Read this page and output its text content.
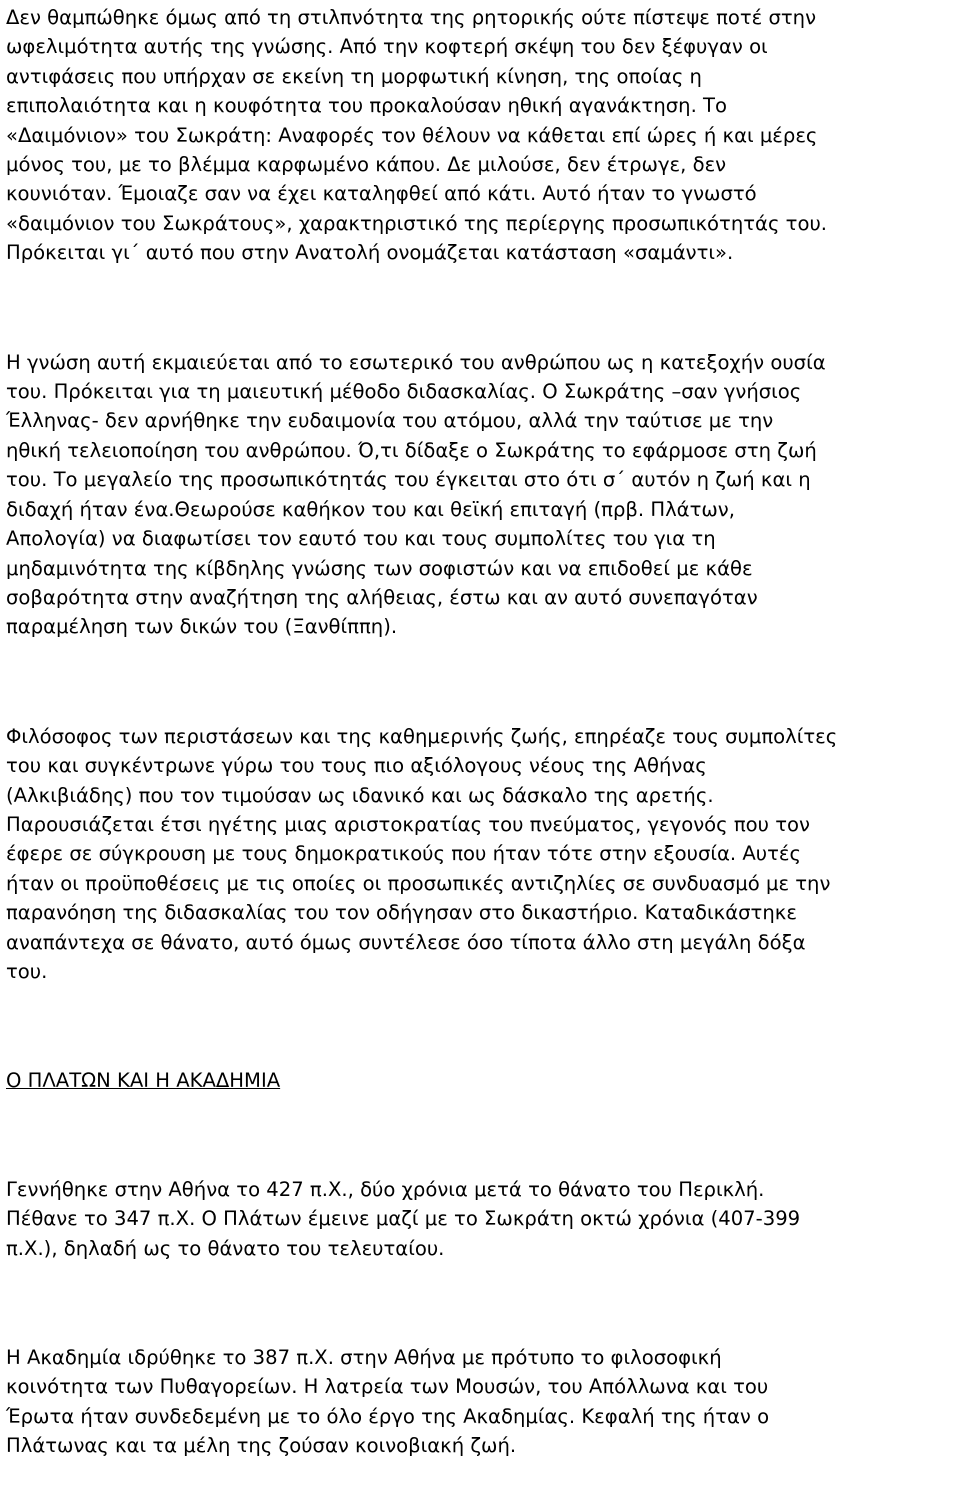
Δεν θαμπώθηκε όμως από τη στιλπνότητα της ρητορικής ούτε πίστεψε ποτέ στην
ωφελιμότητα αυτής της γνώσης. Από την κοφτερή σκέψη του δεν ξέφυγαν οι
αντιφάσεις που υπήρχαν σε εκείνη τη μορφωτική κίνηση, της οποίας η
επιπολαιότητα και η κουφότητα του προκαλούσαν ηθική αγανάκτηση. Το
«Δαιμόνιον» του Σωκράτη: Αναφορές τον θέλουν να κάθεται επί ώρες ή και μέρες
μόνος του, με το βλέμμα καρφωμένο κάπου. Δε μιλούσε, δεν έτρωγε, δεν
κουνιόταν. Έμοιαζε σαν να έχει καταληφθεί από κάτι. Αυτό ήταν το γνωστό
«δαιμόνιον του Σωκράτους», χαρακτηριστικό της περίεργης προσωπικότητάς του.
Πρόκειται γι΄ αυτό που στην Ανατολή ονομάζεται κατάσταση «σαμάντι».

Η γνώση αυτή εκμαιεύεται από το εσωτερικό του ανθρώπου ως η κατεξοχήν ουσία
του. Πρόκειται για τη μαιευτική μέθοδο διδασκαλίας. Ο Σωκράτης –σαν γνήσιος
Έλληνας- δεν αρνήθηκε την ευδαιμονία του ατόμου, αλλά την ταύτισε με την
ηθική τελειοποίηση του ανθρώπου. Ό,τι δίδαξε ο Σωκράτης το εφάρμοσε στη ζωή
του. Το μεγαλείο της προσωπικότητάς του έγκειται στο ότι σ΄ αυτόν η ζωή και η
διδαχή ήταν ένα.Θεωρούσε καθήκον του και θεϊκή επιταγή (πρβ. Πλάτων,
Απολογία) να διαφωτίσει τον εαυτό του και τους συμπολίτες του για τη
μηδαμινότητα της κίβδηλης γνώσης των σοφιστών και να επιδοθεί με κάθε
σοβαρότητα στην αναζήτηση της αλήθειας, έστω και αν αυτό συνεπαγόταν
παραμέληση των δικών του (Ξανθίππη).

Φιλόσοφος των περιστάσεων και της καθημερινής ζωής, επηρέαζε τους συμπολίτες
του και συγκέντρωνε γύρω του τους πιο αξιόλογους νέους της Αθήνας
(Αλκιβιάδης) που τον τιμούσαν ως ιδανικό και ως δάσκαλο της αρετής.
Παρουσιάζεται έτσι ηγέτης μιας αριστοκρατίας του πνεύματος, γεγονός που τον
έφερε σε σύγκρουση με τους δημοκρατικούς που ήταν τότε στην εξουσία. Αυτές
ήταν οι προϋποθέσεις με τις οποίες οι προσωπικές αντιζηλίες σε συνδυασμό με την
παρανόηση της διδασκαλίας του τον οδήγησαν στο δικαστήριο. Καταδικάστηκε
αναπάντεχα σε θάνατο, αυτό όμως συντέλεσε όσο τίποτα άλλο στη μεγάλη δόξα
του.

Ο ΠΛΑΤΩΝ ΚΑΙ Η ΑΚΑΔΗΜΙΑ

Γεννήθηκε στην Αθήνα το 427 π.Χ., δύο χρόνια μετά το θάνατο του Περικλή.
Πέθανε το 347 π.Χ. Ο Πλάτων έμεινε μαζί με το Σωκράτη οκτώ χρόνια (407-399
π.Χ.), δηλαδή ως το θάνατο του τελευταίου.

Η Ακαδημία ιδρύθηκε το 387 π.Χ. στην Αθήνα με πρότυπο το φιλοσοφική
κοινότητα των Πυθαγορείων. Η λατρεία των Μουσών, του Απόλλωνα και του
Έρωτα ήταν συνδεδεμένη με το όλο έργο της Ακαδημίας. Κεφαλή της ήταν ο
Πλάτωνας και τα μέλη της ζούσαν κοινοβιακή ζωή.
